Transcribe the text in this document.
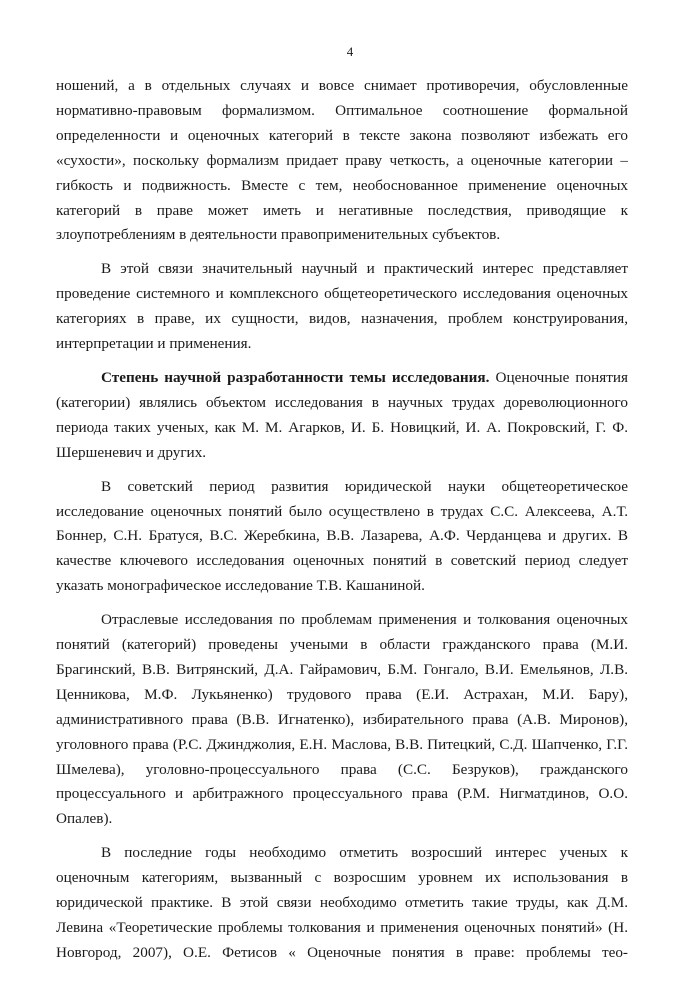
4

ношений, а в отдельных случаях и вовсе снимает противоречия, обусловленные нормативно-правовым формализмом. Оптимальное соотношение формальной определенности и оценочных категорий в тексте закона позволяют избежать его «сухости», поскольку формализм придает праву четкость, а оценочные категории – гибкость и подвижность. Вместе с тем, необоснованное применение оценочных категорий в праве может иметь и негативные последствия, приводящие к злоупотреблениям в деятельности правоприменительных субъектов.

В этой связи значительный научный и практический интерес представляет проведение системного и комплексного общетеоретического исследования оценочных категориях в праве, их сущности, видов, назначения, проблем конструирования, интерпретации и применения.

Степень научной разработанности темы исследования. Оценочные понятия (категории) являлись объектом исследования в научных трудах дореволюционного периода таких ученых, как М. М. Агарков, И. Б. Новицкий, И. А. Покровский, Г. Ф. Шершеневич и других.

В советский период развития юридической науки общетеоретическое исследование оценочных понятий было осуществлено в трудах С.С. Алексеева, А.Т. Боннер, С.Н. Братуся, В.С. Жеребкина, В.В. Лазарева, А.Ф. Черданцева и других. В качестве ключевого исследования оценочных понятий в советский период следует указать монографическое исследование Т.В. Кашаниной.

Отраслевые исследования по проблемам применения и толкования оценочных понятий (категорий) проведены учеными в области гражданского права (М.И. Брагинский, В.В. Витрянский, Д.А. Гайрамович, Б.М. Гонгало, В.И. Емельянов, Л.В. Ценникова, М.Ф. Лукьяненко) трудового права (Е.И. Астрахан, М.И. Бару), административного права (В.В. Игнатенко), избирательного права (А.В. Миронов), уголовного права (Р.С. Джинджолия, Е.Н. Маслова, В.В. Питецкий, С.Д. Шапченко, Г.Г. Шмелева), уголовно-процессуального права (С.С. Безруков), гражданского процессуального и арбитражного процессуального права (Р.М. Нигматдинов, О.О. Опалев).

В последние годы необходимо отметить возросший интерес ученых к оценочным категориям, вызванный с возросшим уровнем их использования в юридической практике. В этой связи необходимо отметить такие труды, как Д.М. Левина «Теоретические проблемы толкования и применения оценочных понятий» (Н. Новгород, 2007), О.Е. Фетисов « Оценочные понятия в праве: проблемы тео-
